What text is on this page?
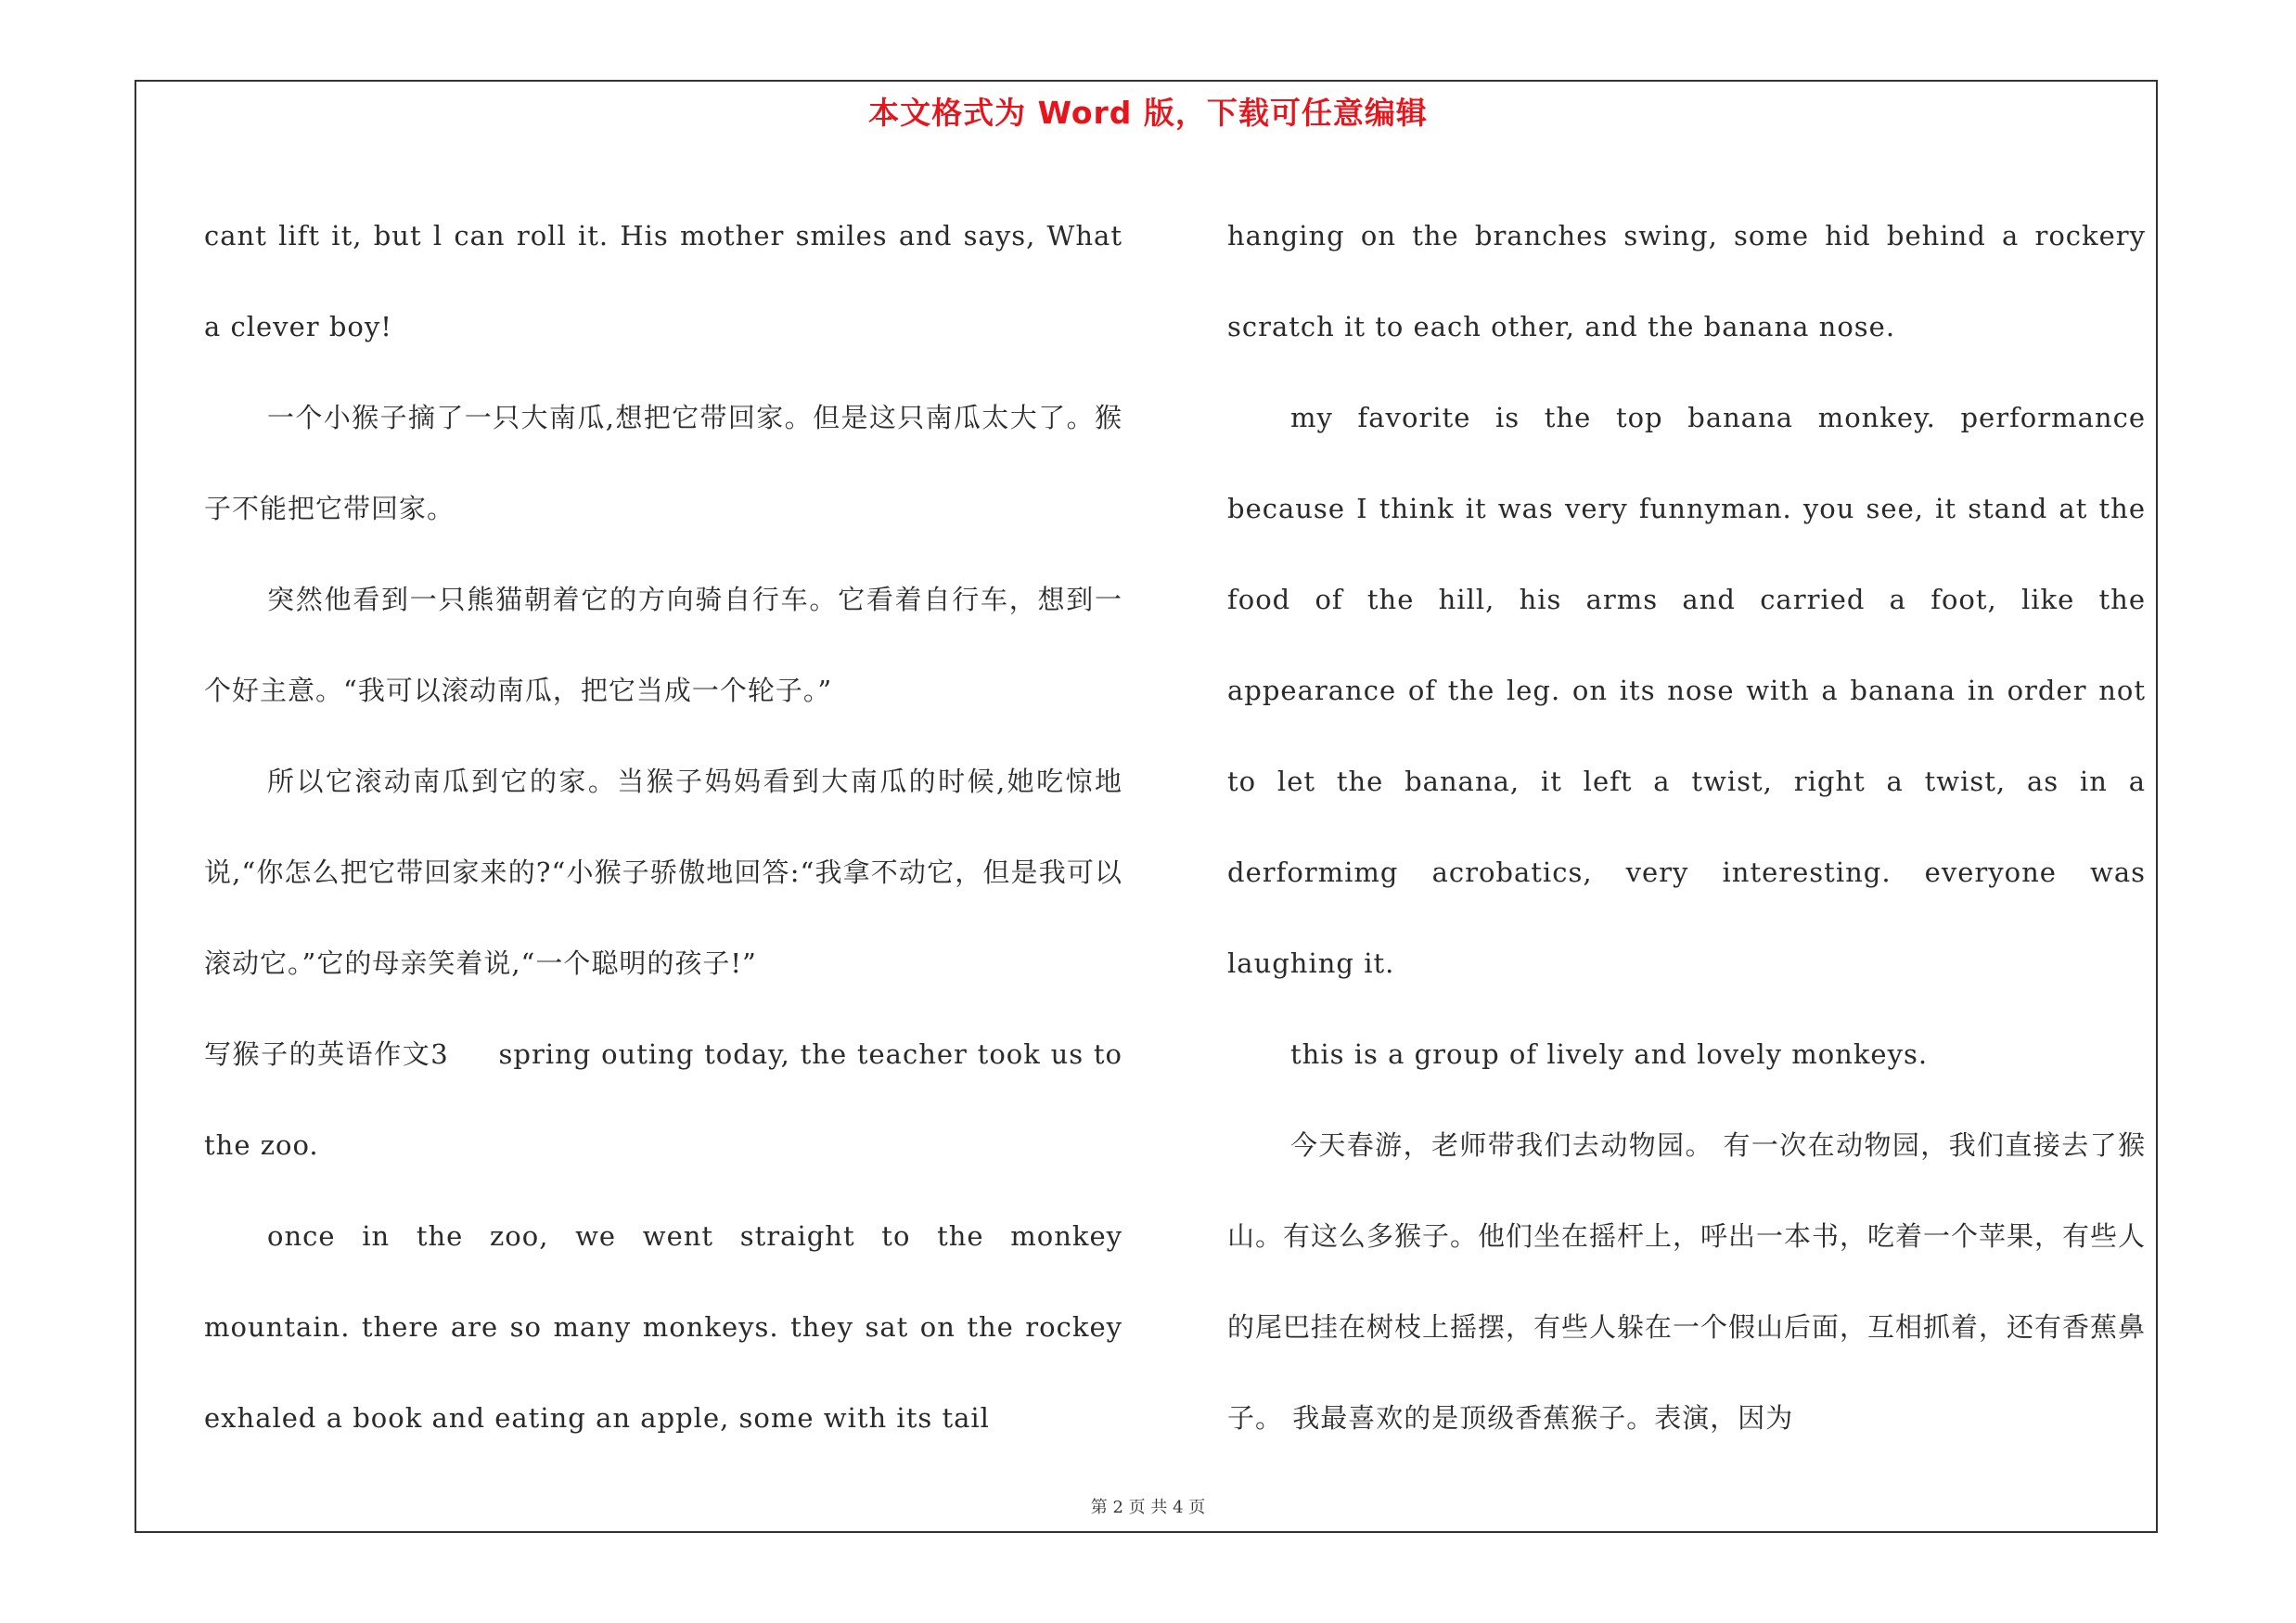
本文格式为 Word 版，下载可任意编辑

cant lift it, but l can roll it. His mother smiles and says, What a clever boy!

一个小猴子摘了一只大南瓜,想把它带回家。但是这只南瓜太大了。猴子不能把它带回家。

突然他看到一只熊猫朝着它的方向骑自行车。它看着自行车，想到一个好主意。“我可以滚动南瓜，把它当成一个轮子。”

所以它滚动南瓜到它的家。当猴子妈妈看到大南瓜的时候,她吃惊地说,“你怎么把它带回家来的?“小猴子骄傲地回答:“我拿不动它，但是我可以滚动它。”它的母亲笑着说,“一个聪明的孩子!”

写猴子的英语作文3     spring outing today, the teacher took us to the zoo.

once in the zoo, we went straight to the monkey mountain. there are so many monkeys. they sat on the rockey exhaled a book and eating an apple, some with its tail

hanging on the branches swing, some hid behind a rockery scratch it to each other, and the banana nose.

my favorite is the top banana monkey. performance because I think it was very funnyman. you see, it stand at the food of the hill, his arms and carried a foot, like the appearance of the leg. on its nose with a banana in order not to let the banana, it left a twist, right a twist, as in a derformimg acrobatics, very interesting. everyone was laughing it.

this is a group of lively and lovely monkeys.

今天春游，老师带我们去动物园。 有一次在动物园，我们直接去了猴山。有这么多猴子。他们坐在摇杆上，呼出一本书，吃着一个苹果，有些人的尾巴挂在树枝上摇摆，有些人躲在一个假山后面，互相抓着，还有香蕉鼻子。 我最喜欢的是顶级香蕉猴子。表演，因为

第 2 页 共 4 页
